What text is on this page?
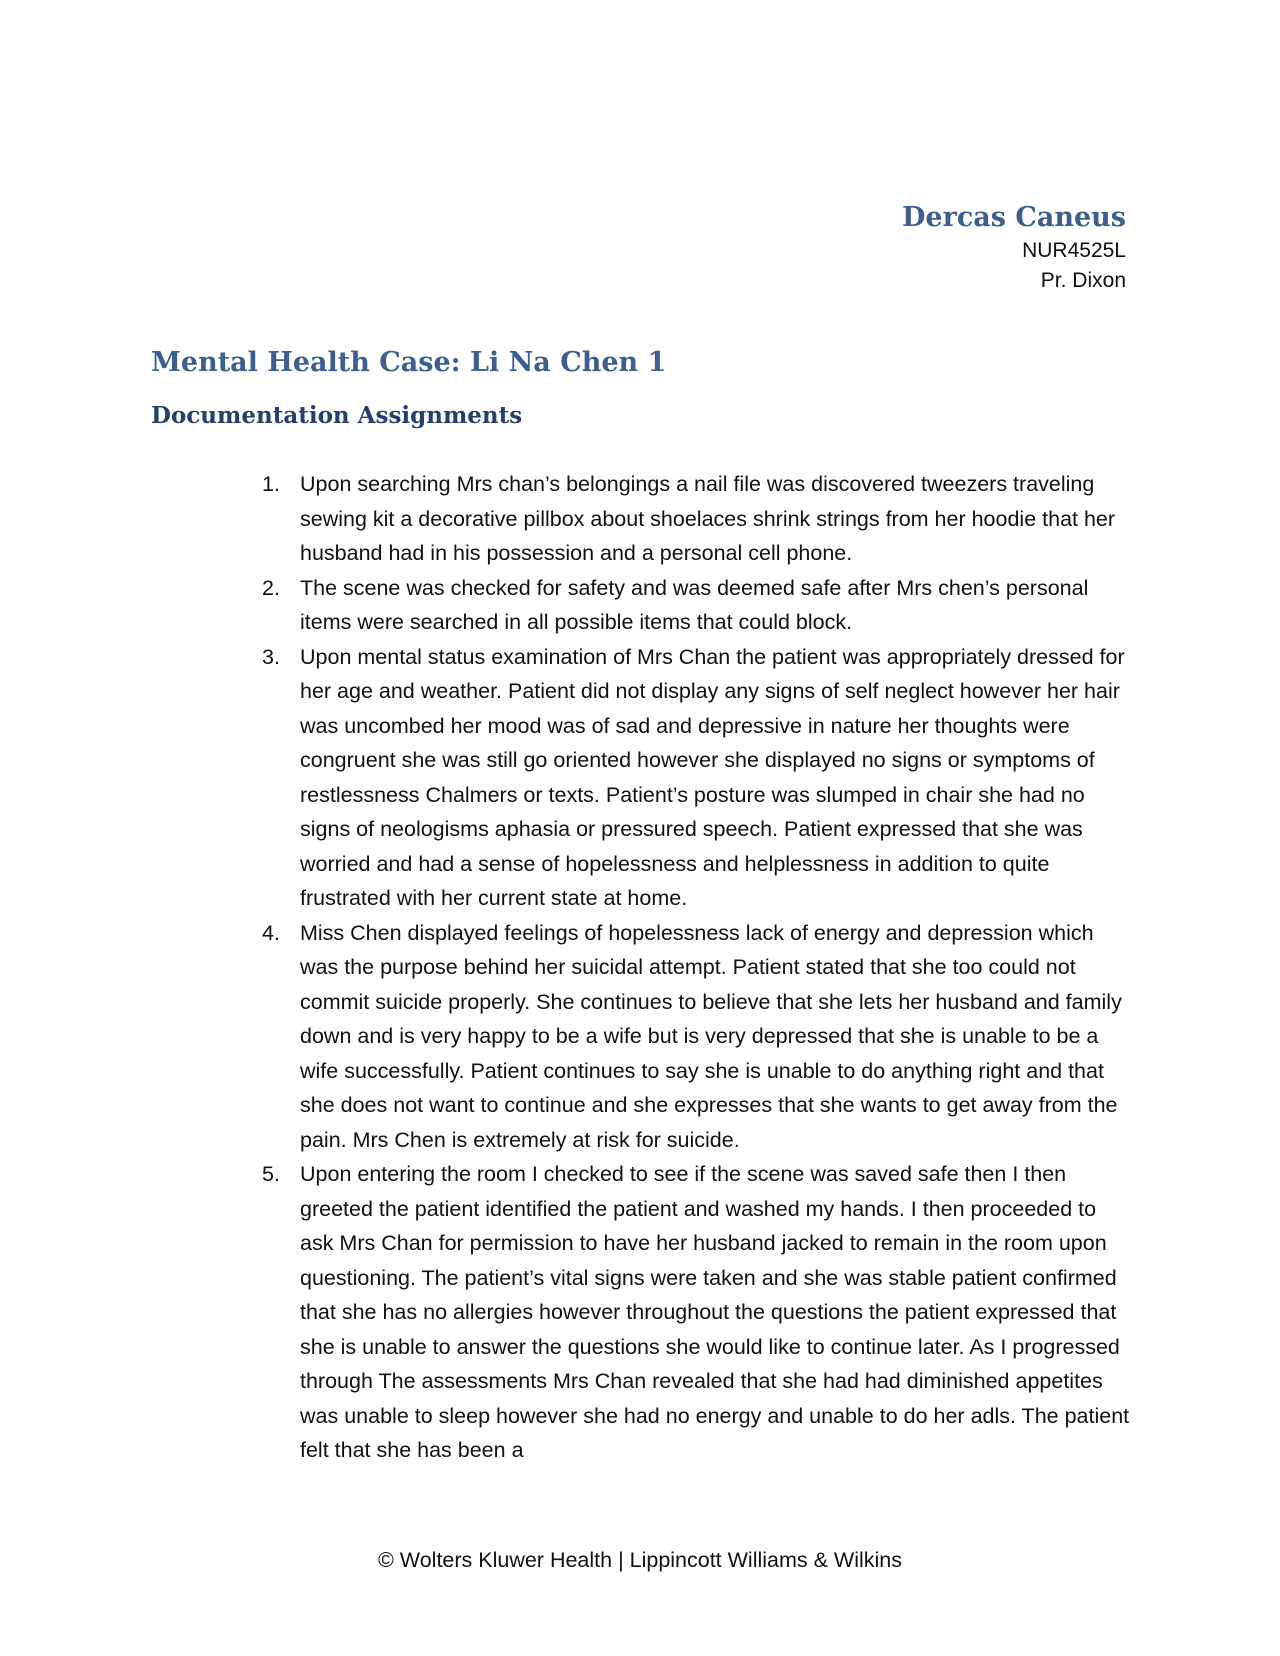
Dercas Caneus
NUR4525L
Pr. Dixon
Mental Health Case: Li Na Chen 1
Documentation Assignments
1. Upon searching Mrs chan’s belongings a nail file was discovered tweezers traveling sewing kit a decorative pillbox about shoelaces shrink strings from her hoodie that her husband had in his possession and a personal cell phone.
2. The scene was checked for safety and was deemed safe after Mrs chen’s personal items were searched in all possible items that could block.
3. Upon mental status examination of Mrs Chan the patient was appropriately dressed for her age and weather. Patient did not display any signs of self neglect however her hair was uncombed her mood was of sad and depressive in nature her thoughts were congruent she was still go oriented however she displayed no signs or symptoms of restlessness Chalmers or texts. Patient’s posture was slumped in chair she had no signs of neologisms aphasia or pressured speech. Patient expressed that she was worried and had a sense of hopelessness and helplessness in addition to quite frustrated with her current state at home.
4. Miss Chen displayed feelings of hopelessness lack of energy and depression which was the purpose behind her suicidal attempt. Patient stated that she too could not commit suicide properly. She continues to believe that she lets her husband and family down and is very happy to be a wife but is very depressed that she is unable to be a wife successfully. Patient continues to say she is unable to do anything right and that she does not want to continue and she expresses that she wants to get away from the pain. Mrs Chen is extremely at risk for suicide.
5. Upon entering the room I checked to see if the scene was saved safe then I then greeted the patient identified the patient and washed my hands. I then proceeded to ask Mrs Chan for permission to have her husband jacked to remain in the room upon questioning. The patient’s vital signs were taken and she was stable patient confirmed that she has no allergies however throughout the questions the patient expressed that she is unable to answer the questions she would like to continue later. As I progressed through The assessments Mrs Chan revealed that she had had diminished appetites was unable to sleep however she had no energy and unable to do her adls. The patient felt that she has been a
© Wolters Kluwer Health | Lippincott Williams & Wilkins
